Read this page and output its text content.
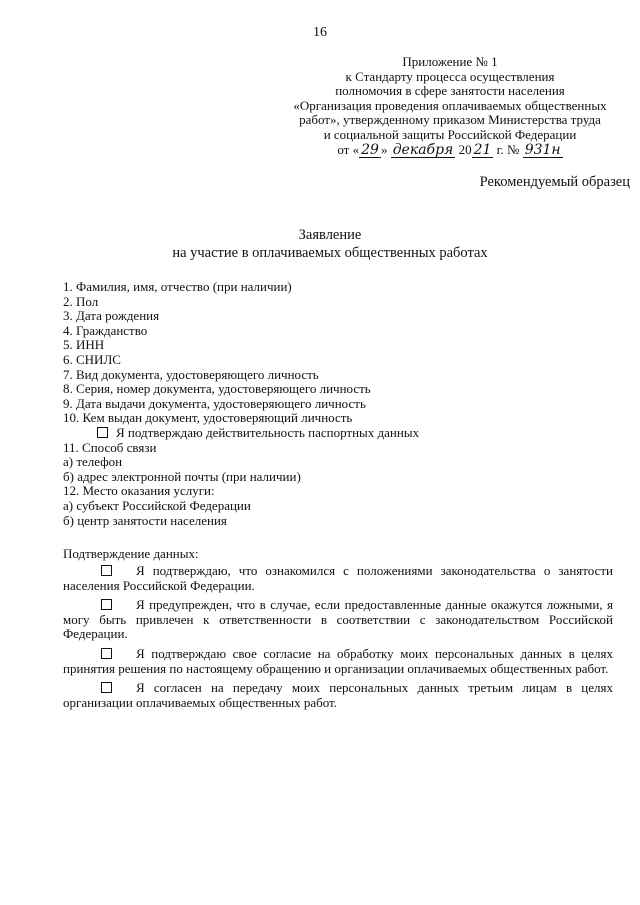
16
Приложение № 1
к Стандарту процесса осуществления
полномочия в сфере занятости населения
«Организация проведения оплачиваемых общественных
работ», утвержденному приказом Министерства труда
и социальной защиты Российской Федерации
от « 29 » декабря 20 21 г. № 931н
Рекомендуемый образец
Заявление
на участие в оплачиваемых общественных работах
1. Фамилия, имя, отчество (при наличии)
2. Пол
3. Дата рождения
4. Гражданство
5. ИНН
6. СНИЛС
7. Вид документа, удостоверяющего личность
8. Серия, номер документа, удостоверяющего личность
9. Дата выдачи документа, удостоверяющего личность
10. Кем выдан документ, удостоверяющий личность
Я подтверждаю действительность паспортных данных
11. Способ связи
а) телефон
б) адрес электронной почты (при наличии)
12. Место оказания услуги:
а) субъект Российской Федерации
б) центр занятости населения
Подтверждение данных:
Я подтверждаю, что ознакомился с положениями законодательства о занятости населения Российской Федерации.
Я предупрежден, что в случае, если предоставленные данные окажутся ложными, я могу быть привлечен к ответственности в соответствии с законодательством Российской Федерации.
Я подтверждаю свое согласие на обработку моих персональных данных в целях принятия решения по настоящему обращению и организации оплачиваемых общественных работ.
Я согласен на передачу моих персональных данных третьим лицам в целях организации оплачиваемых общественных работ.
